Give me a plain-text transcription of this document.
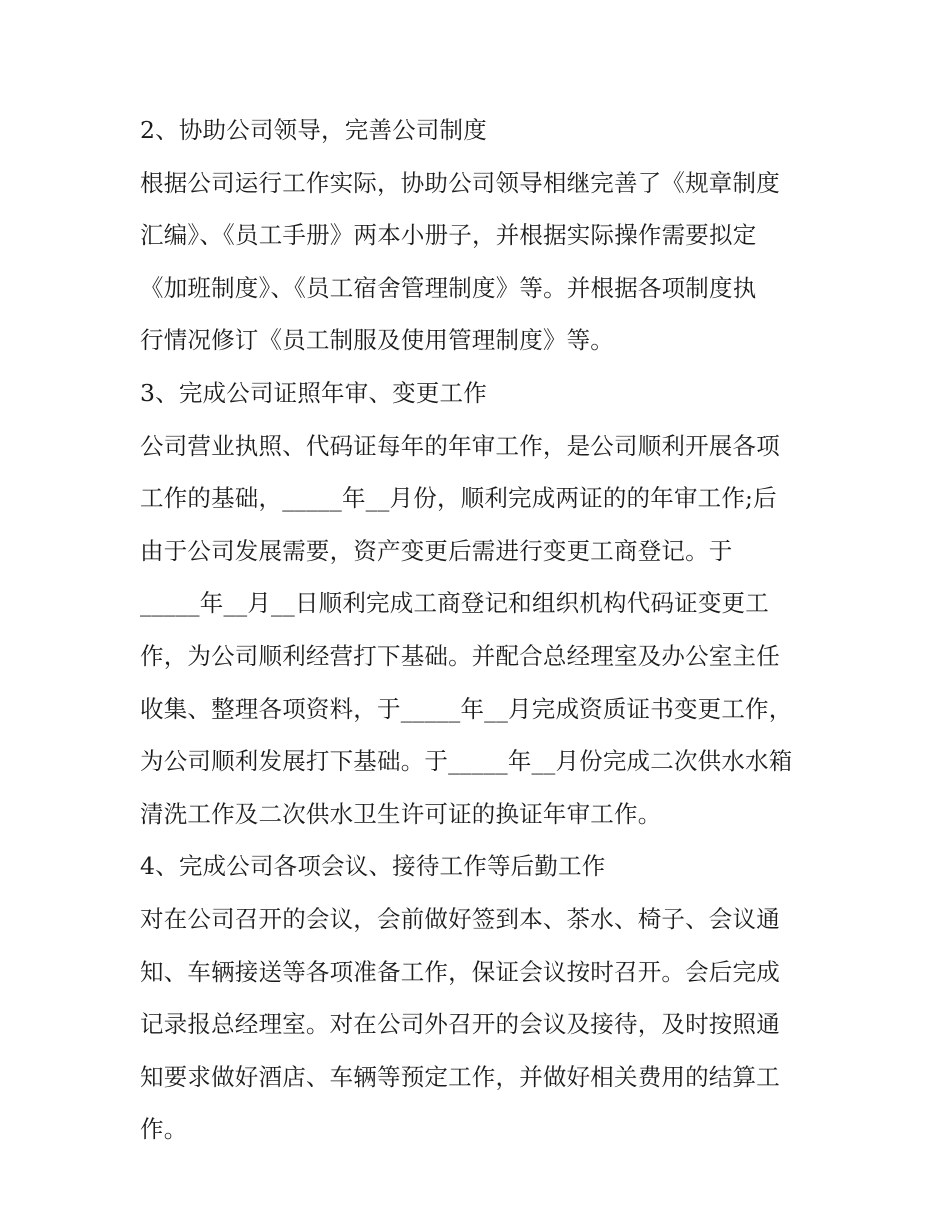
2、协助公司领导，完善公司制度
根据公司运行工作实际，协助公司领导相继完善了《规章制度
汇编》、《员工手册》两本小册子，并根据实际操作需要拟定
《加班制度》、《员工宿舍管理制度》等。并根据各项制度执
行情况修订《员工制服及使用管理制度》等。
3、完成公司证照年审、变更工作
公司营业执照、代码证每年的年审工作，是公司顺利开展各项
工作的基础，_____年__月份，顺利完成两证的的年审工作;后
由于公司发展需要，资产变更后需进行变更工商登记。于
_____年__月__日顺利完成工商登记和组织机构代码证变更工
作，为公司顺利经营打下基础。并配合总经理室及办公室主任
收集、整理各项资料，于_____年__月完成资质证书变更工作，
为公司顺利发展打下基础。于_____年__月份完成二次供水水箱
清洗工作及二次供水卫生许可证的换证年审工作。
4、完成公司各项会议、接待工作等后勤工作
对在公司召开的会议，会前做好签到本、茶水、椅子、会议通
知、车辆接送等各项准备工作，保证会议按时召开。会后完成
记录报总经理室。对在公司外召开的会议及接待，及时按照通
知要求做好酒店、车辆等预定工作，并做好相关费用的结算工
作。
